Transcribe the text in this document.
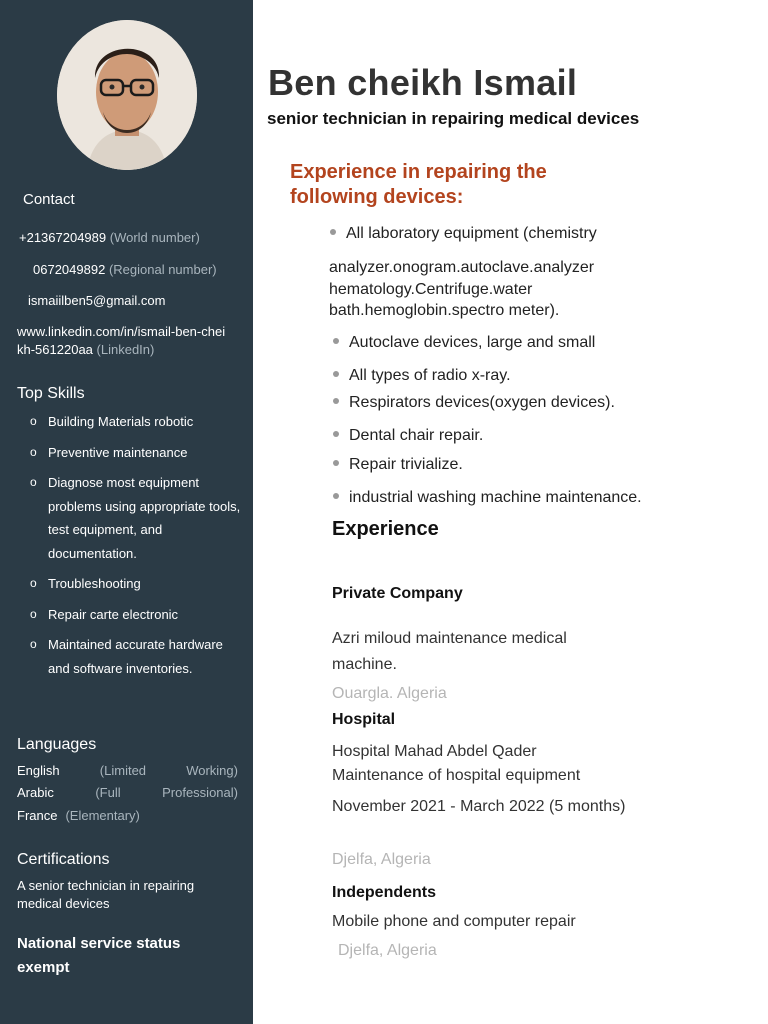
Contact
+21367204989 (World number)
0672049892 (Regional number)
ismaiilben5@gmail.com
www.linkedin.com/in/ismail-ben-cheikh-561220aa (LinkedIn)
Top Skills
o Building Materials robotic
o Preventive maintenance
o Diagnose most equipment problems using appropriate tools, test equipment, and documentation.
o Troubleshooting
o Repair carte electronic
o Maintained accurate hardware and software inventories.
Languages
English	(Limited	Working)
Arabic	(Full	Professional)
France (Elementary)
Certifications
A senior technician in repairing medical devices
National service status
exempt
Ben cheikh Ismail
senior technician in repairing medical devices
Experience in repairing the following devices:
All laboratory equipment (chemistry
analyzer.onogram.autoclave.analyzer hematology.Centrifuge.water bath.hemoglobin.spectro meter).
Autoclave devices, large and small
All types of radio x-ray.
Respirators devices(oxygen devices).
Dental chair repair.
Repair trivialize.
industrial washing machine maintenance.
Experience
Private Company
Azri miloud maintenance medical machine.
Ouargla. Algeria
Hospital
Hospital Mahad Abdel Qader
Maintenance of hospital equipment
November 2021 - March 2022 (5 months)
Djelfa, Algeria
Independents
Mobile phone and computer repair
Djelfa, Algeria
